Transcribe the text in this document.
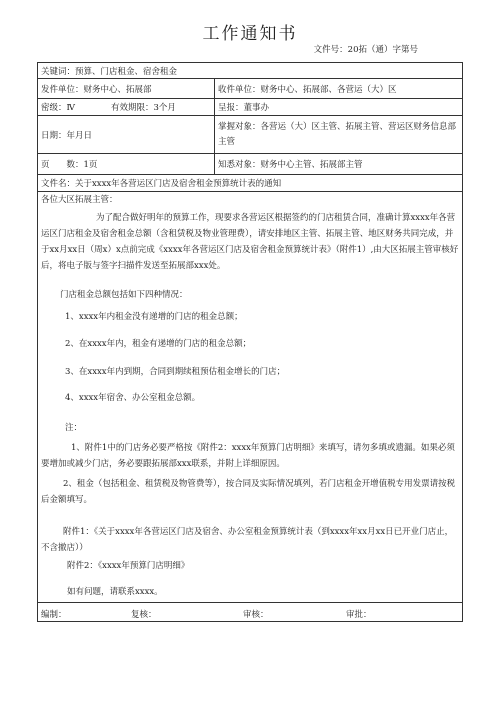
工作通知书
文件号：20拓（通）字第号
关键词：预算、门店租金、宿舍租金
发件单位：财务中心、拓展部	收件单位：财务中心、拓展部、各营运（大）区
密级：Ⅳ	有效期限：3个月	呈报：董事办
日期：年月日
掌握对象：各营运（大）区主管、拓展主管、营运区财务信息部主管
页　　数：1页	知悉对象：财务中心主管、拓展部主管
文件名：关于xxxx年各营运区门店及宿舍租金预算统计表的通知
各位大区拓展主管：
为了配合做好明年的预算工作，现要求各营运区根据签约的门店租赁合同，准确计算xxxx年各营运区门店租金及宿舍租金总额（含租赁税及物业管理费），请安排地区主管、拓展主管、地区财务共同完成，并于xx月xx日（周x）x点前完成《xxxx年各营运区门店及宿舍租金预算统计表》（附件1）,由大区拓展主管审核好后，将电子版与签字扫描件发送至拓展部xxx处。
门店租金总额包括如下四种情况：
1、xxxx年内租金没有递增的门店的租金总额；
2、在xxxx年内，租金有递增的门店的租金总额；
3、在xxxx年内到期，合同到期续租预估租金增长的门店；
4、xxxx年宿舍、办公室租金总额。
注：
1、附件1中的门店务必要严格按《附件2：xxxx年预算门店明细》来填写，请勿多填或遗漏。如果必须要增加或减少门店，务必要跟拓展部xxx联系，并附上详细原因。
2、租金（包括租金、租赁税及物管费等），按合同及实际情况填列，若门店租金开增值税专用发票请按税后金额填写。
附件1：《关于xxxx年各营运区门店及宿舍、办公室租金预算统计表（到xxxx年xx月xx日已开业门店止，不含撤店））
附件2：《xxxx年预算门店明细》
如有问题，请联系xxxx。
编制：	复核：	审核：	审批：
